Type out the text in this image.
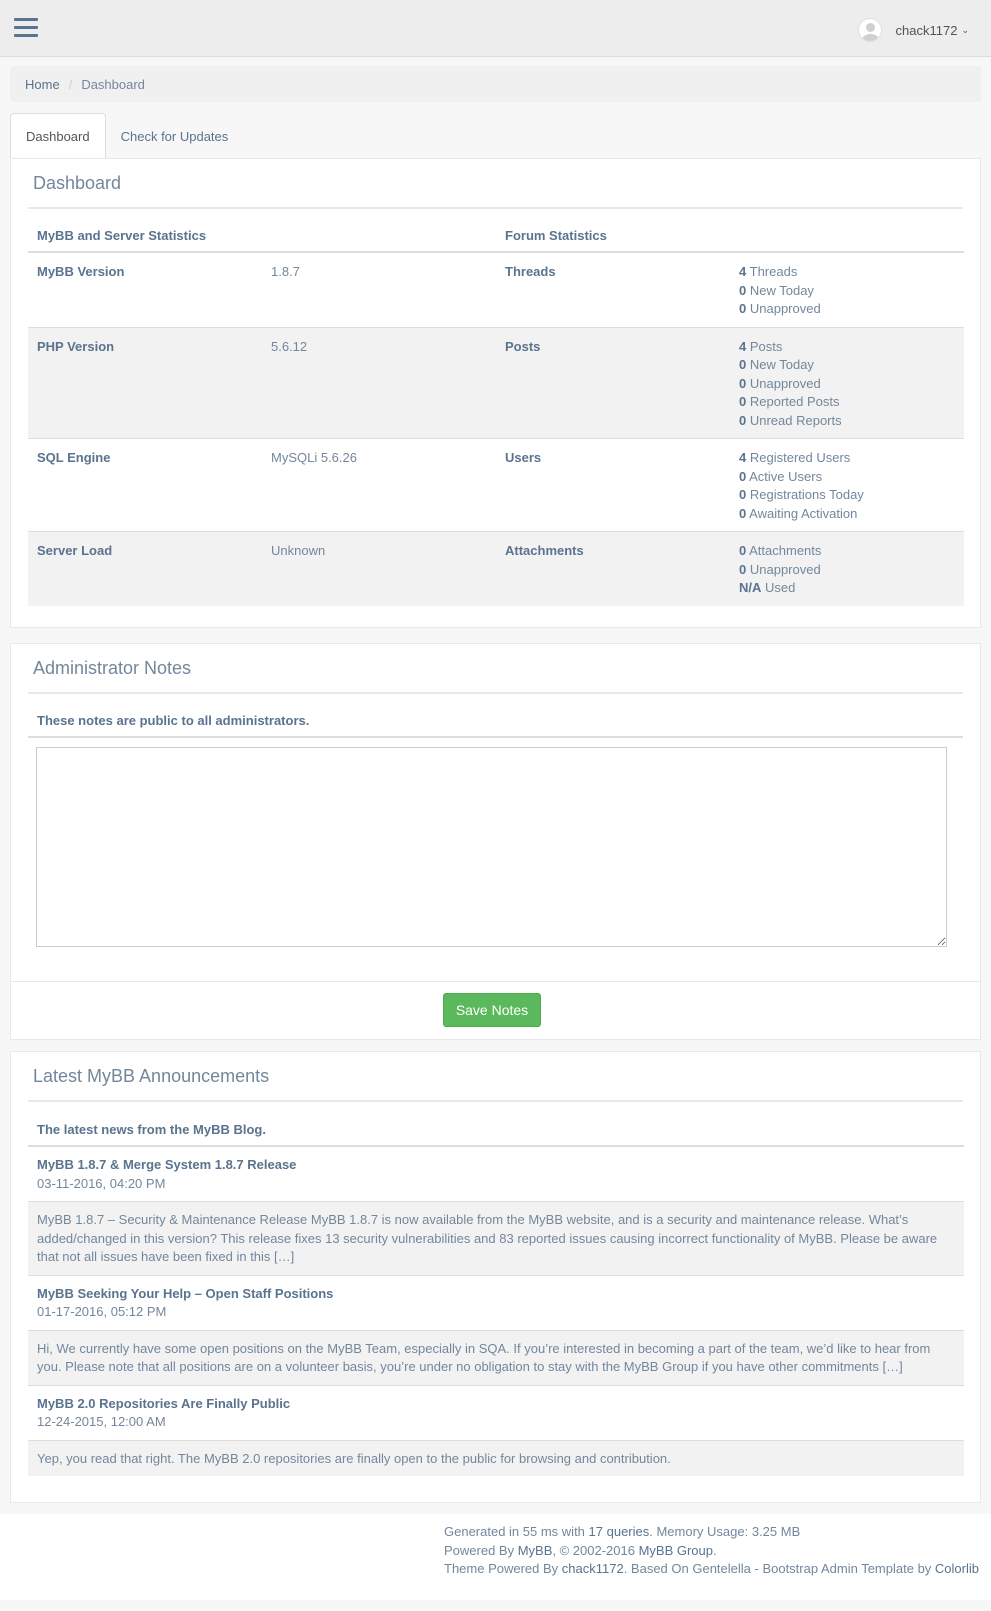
chack1172 ⌄
Home / Dashboard
Dashboard	Check for Updates
Dashboard
MyBB and Server Statistics		Forum Statistics	
MyBB Version	1.8.7	Threads	4 Threads
0 New Today
0 Unapproved

PHP Version	5.6.12	Posts	4 Posts
0 New Today
0 Unapproved
0 Reported Posts
0 Unread Reports

SQL Engine	MySQLi 5.6.26	Users	4 Registered Users
0 Active Users
0 Registrations Today
0 Awaiting Activation

Server Load	Unknown	Attachments	0 Attachments
0 Unapproved
N/A Used
Administrator Notes
These notes are public to all administrators.
Save Notes
Latest MyBB Announcements
The latest news from the MyBB Blog.

MyBB 1.8.7 & Merge System 1.8.7 Release
03-11-2016, 04:20 PM

MyBB 1.8.7 – Security & Maintenance Release MyBB 1.8.7 is now available from the MyBB website, and is a security and maintenance release. What’s added/changed in this version? This release fixes 13 security vulnerabilities and 83 reported issues causing incorrect functionality of MyBB. Please be aware that not all issues have been fixed in this […]

MyBB Seeking Your Help – Open Staff Positions
01-17-2016, 05:12 PM

Hi, We currently have some open positions on the MyBB Team, especially in SQA. If you’re interested in becoming a part of the team, we’d like to hear from you. Please note that all positions are on a volunteer basis, you’re under no obligation to stay with the MyBB Group if you have other commitments […]

MyBB 2.0 Repositories Are Finally Public
12-24-2015, 12:00 AM

Yep, you read that right. The MyBB 2.0 repositories are finally open to the public for browsing and contribution.
Generated in 55 ms with 17 queries. Memory Usage: 3.25 MB
Powered By MyBB, © 2002-2016 MyBB Group.
Theme Powered By chack1172. Based On Gentelella - Bootstrap Admin Template by Colorlib
